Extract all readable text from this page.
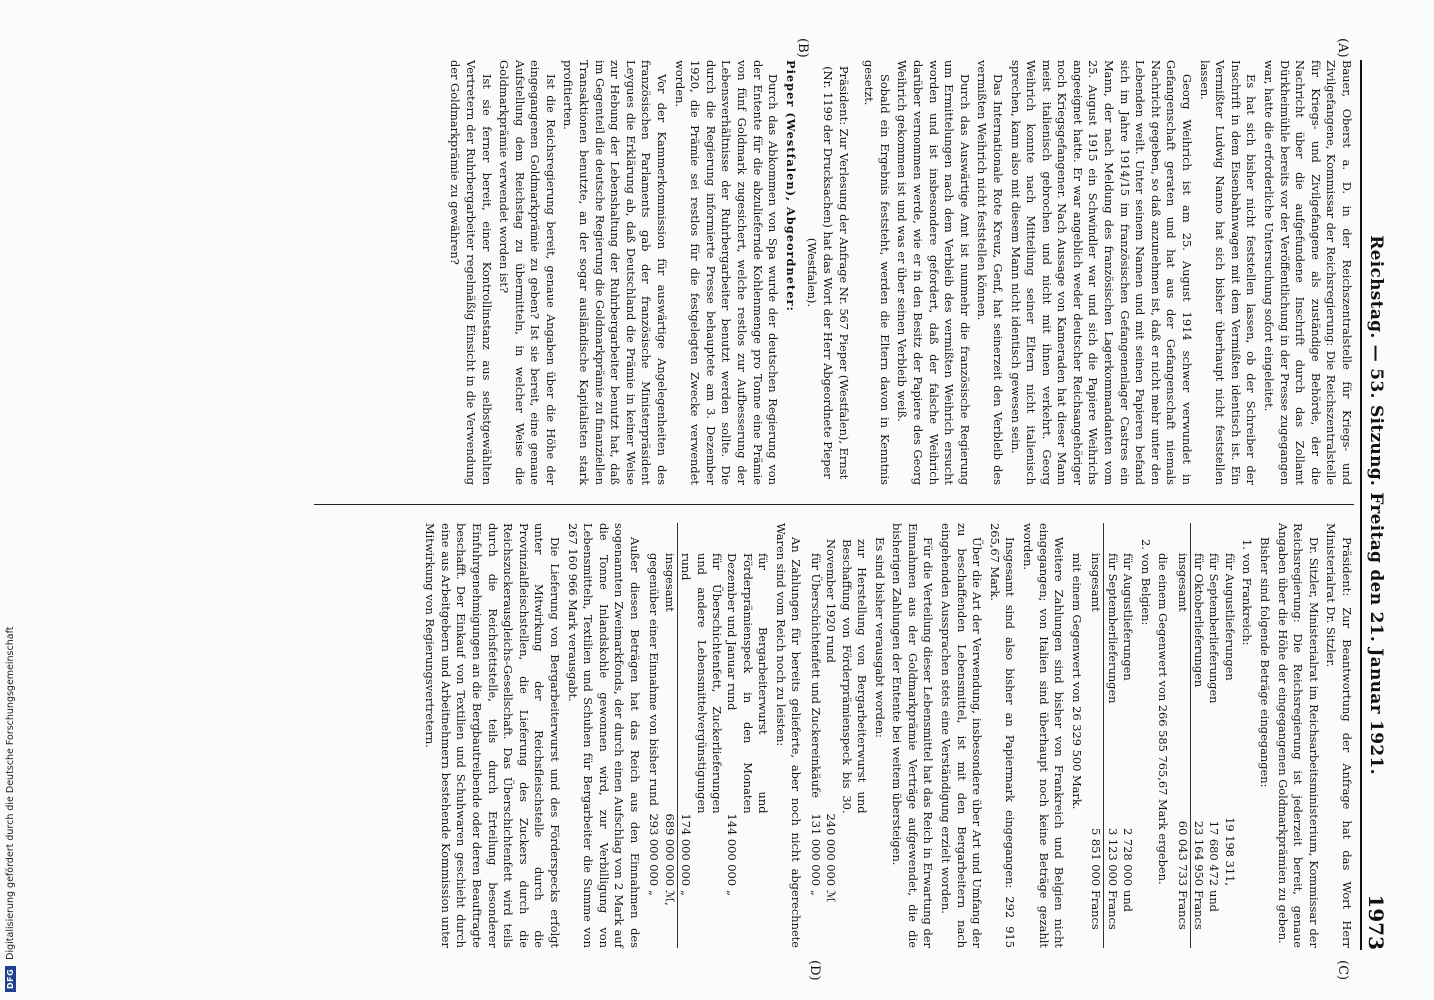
Reichstag. — 53. Sitzung. Freitag den 21. Januar 1921.
1973
(A)
(B)
(C)
(D)

Bauer, Oberst a. D. in der Reichszentralstelle für Kriegs- und Zivilgefangene, Kommissar der Reichsregierung: Die Reichszentralstelle für Kriegs- und Zivilgefangene als zuständige Behörde, der die Nachricht über die aufgefundene Inschrift durch das Zollamt Dürkheimühle bereits vor der Veröffentlichung in der Presse zugegangen war, hatte die erforderliche Untersuchung sofort eingeleitet.

Es hat sich bisher nicht feststellen lassen, ob der Schreiber der Inschrift in dem Eisenbahnwagen mit dem Vermißten identisch ist. Ein Vermißter Ludwig Nanno hat sich bisher überhaupt nicht feststellen lassen.

Georg Weihrich ist am 25. August 1914 schwer verwundet in Gefangenschaft geraten und hat aus der Gefangenschaft niemals Nachricht gegeben, so daß anzunehmen ist, daß er nicht mehr unter den Lebenden weilt. Unter seinem Namen und mit seinen Papieren befand sich im Jahre 1914/15 im französischen Gefangenenlager Castres ein Mann, der nach Meldung des französischen Lagerkommandanten vom 25. August 1915 ein Schwindler war und sich die Papiere Weihrichs angeeignet hatte. Er war angeblich weder deutscher Reichsangehöriger noch Kriegsgefangener. Nach Aussage von Kameraden hat dieser Mann meist italienisch gebrochen und nicht mit ihnen verkehrt. Georg Weihrich konnte nach Mitteilung seiner Eltern nicht italienisch sprechen, kann also mit diesem Mann nicht identisch gewesen sein.

Das Internationale Rote Kreuz, Genf, hat seinerzeit den Verbleib des vermißten Weihrich nicht feststellen können.

Durch das Auswärtige Amt ist nunmehr die französische Regierung um Ermittelungen nach dem Verbleib des vermißten Weihrich ersucht worden und ist insbesondere gefordert, daß der falsche Weihrich darüber vernommen werde, wie er in den Besitz der Papiere des Georg Weihrich gekommen ist und was er über seinen Verbleib weiß.

Sobald ein Ergebnis feststeht, werden die Eltern davon in Kenntnis gesetzt.

Präsident: Zur Verlesung der Anfrage Nr. 567 Pieper (Westfalen), Ernst (Nr. 1199 der Drucksachen) hat das Wort der Herr Abgeordnete Pieper (Westfalen).

Pieper (Westfalen), Abgeordneter:

Durch das Abkommen von Spa wurde der deutschen Regierung von der Entente für die abzuliefernde Kohlenmenge pro Tonne eine Prämie von fünf Goldmark zugesichert, welche restlos zur Aufbesserung der Lebensverhältnisse der Ruhrbergarbeiter benutzt werden sollte. Die durch die Regierung informierte Presse behauptete am 3. Dezember 1920, die Prämie sei restlos für die festgelegten Zwecke verwendet worden.

Vor der Kammerkommission für auswärtige Angelegenheiten des französischen Parlaments gab der französische Ministerpräsident Leygues die Erklärung ab, daß Deutschland die Prämie in keiner Weise zur Hebung der Lebenshaltung der Ruhrbergarbeiter benutzt hat, daß im Gegenteil die deutsche Regierung die Goldmarkprämie zu finanziellen Transaktionen benutzte, an der sogar ausländische Kapitalisten stark profitierten.

Ist die Reichsregierung bereit, genaue Angaben über die Höhe der eingegangenen Goldmarkprämie zu geben? Ist sie bereit, eine genaue Aufstellung dem Reichstag zu übermitteln, in welcher Weise die Goldmarkprämie verwendet worden ist?

Ist sie ferner bereit, einer Kontrollinstanz aus selbstgewählten Vertretern der Ruhrbergarbeiter regelmäßig Einsicht in die Verwendung der Goldmarkprämie zu gewähren?

Präsident: Zur Beantwortung der Anfrage hat das Wort Herr Ministerialrat Dr. Sitzler.

Dr. Sitzler, Ministerialrat im Reichsarbeitsministerium, Kommissar der Reichsregierung: Die Reichsregierung ist jederzeit bereit, genaue Angaben über die Höhe der eingegangenen Goldmarkprämien zu geben.

Bisher sind folgende Beträge eingegangen:

1. von Frankreich:

für Augustlieferungen	19 198 311,	
für Septemberlieferungen	17 680 472	und
für Oktoberlieferungen	23 164 950	Francs
insgesamt	60 043 733	Francs

die einem Gegenwert von 266 585 765,67 Mark ergeben.

2. von Belgien:

für Augustlieferungen	2 728 000	und
für Septemberlieferungen	3 123 000	Francs
insgesamt	5 851 000	Francs

mit einem Gegenwert von 26 329 500 Mark.

Weitere Zahlungen sind bisher von Frankreich und Belgien nicht eingegangen; von Italien sind überhaupt noch keine Beträge gezahlt worden.

Insgesamt sind also bisher an Papiermark eingegangen: 292 915 265,67 Mark.

Über die Art der Verwendung, insbesondere über Art und Umfang der zu beschaffenden Lebensmittel, ist mit den Bergarbeitern nach eingehenden Aussprachen stets eine Verständigung erzielt worden.

Für die Verteilung dieser Lebensmittel hat das Reich in Erwartung der Einnahmen aus der Goldmarkprämie Verträge aufgewendet, die die bisherigen Zahlungen der Entente bei weitem übersteigen.

Es sind bisher verausgabt worden:

zur Herstellung von Bergarbeiterwurst und Beschaffung von Förderprämienspeck bis 30. November 1920 rund	240 000 000	ℳ
für Überschichtenfett und Zuckereinkäufe	131 000 000	„

An Zahlungen für bereits gelieferte, aber noch nicht abgerechnete Waren sind vom Reich noch zu leisten:

für Bergarbeiterwurst und Förderprämienspeck in den Monaten Dezember und Januar rund	144 000 000	„
für Überschichtenfett, Zuckerlieferungen und andere Lebensmittelvergünstigungen rund	174 000 000	„
insgesamt	689 000 000	ℳ,
gegenüber einer Einnahme von bisher rund	293 000 000	„

Außer diesen Beträgen hat das Reich aus den Einnahmen des sogenannten Zweimarkfonds, der durch einen Aufschlag von 2 Mark auf die Tonne Inlandskohle gewonnen wird, zur Verbilligung von Lebensmitteln, Textilien und Schuhen für Bergarbeiter die Summe von 267 160 966 Mark verausgabt.

Die Lieferung von Bergarbeiterwurst und des Förderspecks erfolgt unter Mitwirkung der Reichsfleischstelle durch die Provinzialfleischstellen, die Lieferung des Zuckers durch die Reichszuckerausgleichs-Gesellschaft. Das Überschichtenfett wird teils durch die Reichsfettstelle, teils durch Erteilung besonderer Einfuhrgenehmigungen an die Bergbautreibende oder deren Beauftragte beschafft. Der Einkauf von Textilien und Schuhwaren geschieht durch eine aus Arbeitgebern und Arbeitnehmern bestehende Kommission unter Mitwirkung von Regierungsvertretern.

DFG
Digitalisierung gefördert durch die Deutsche Forschungsgemeinschaft
